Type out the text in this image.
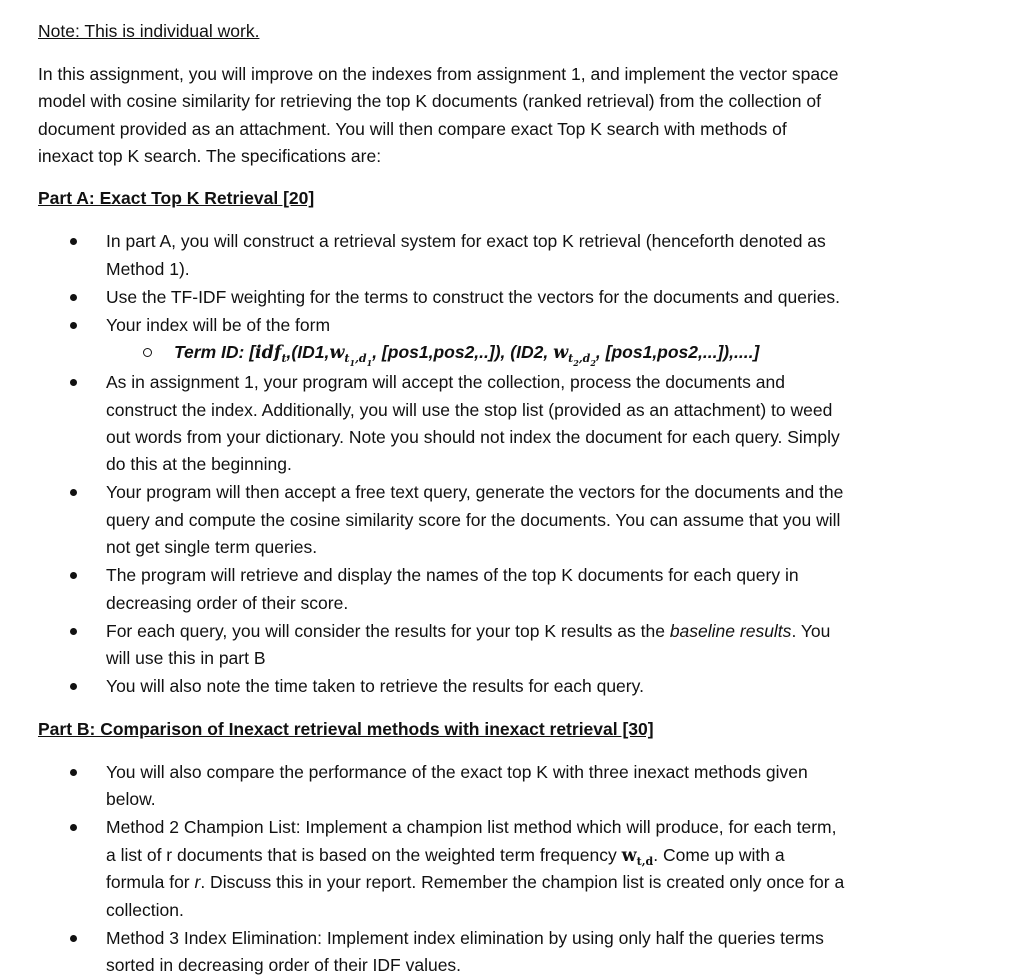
Note: This is individual work.
In this assignment, you will improve on the indexes from assignment 1, and implement the vector space
model with cosine similarity for retrieving the top K documents (ranked retrieval) from the collection of
document provided as an attachment. You will then compare exact Top K search with methods of
inexact top K search. The specifications are:
Part A: Exact Top K Retrieval [20]
In part A, you will construct a retrieval system for exact top K retrieval (henceforth denoted as
Method 1).
Use the TF-IDF weighting for the terms to construct the vectors for the documents and queries.
Your index will be of the form
Term ID: [$idf_t,(ID1,w_{t_1,d_1}$, [pos1,pos2,..]), (ID2, $w_{t_2,d_2}$, [pos1,pos2,...]),....]
As in assignment 1, your program will accept the collection, process the documents and
construct the index. Additionally, you will use the stop list (provided as an attachment) to weed
out words from your dictionary. Note you should not index the document for each query. Simply
do this at the beginning.
Your program will then accept a free text query, generate the vectors for the documents and the
query and compute the cosine similarity score for the documents. You can assume that you will
not get single term queries.
The program will retrieve and display the names of the top K documents for each query in
decreasing order of their score.
For each query, you will consider the results for your top K results as the baseline results. You
will use this in part B
You will also note the time taken to retrieve the results for each query.
Part B: Comparison of Inexact retrieval methods with inexact retrieval [30]
You will also compare the performance of the exact top K with three inexact methods given
below.
Method 2 Champion List: Implement a champion list method which will produce, for each term,
a list of r documents that is based on the weighted term frequency $w_{t,d}$. Come up with a
formula for r. Discuss this in your report. Remember the champion list is created only once for a
collection.
Method 3 Index Elimination: Implement index elimination by using only half the queries terms
sorted in decreasing order of their IDF values.
